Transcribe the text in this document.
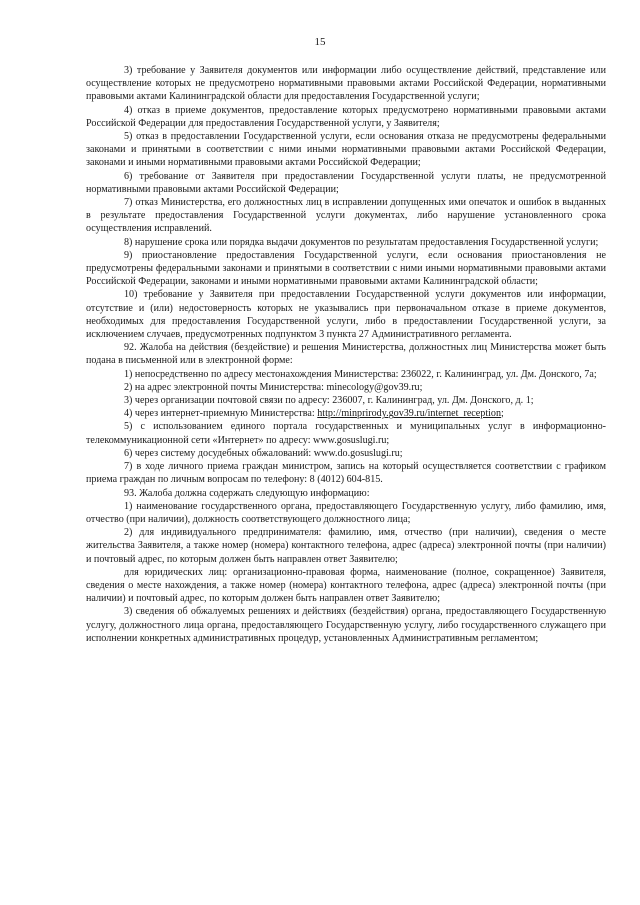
15

3) требование у Заявителя документов или информации либо осуществление действий, представление или осуществление которых не предусмотрено нормативными правовыми актами Российской Федерации, нормативными правовыми актами Калининградской области для предоставления Государственной услуги;

4) отказ в приеме документов, предоставление которых предусмотрено нормативными правовыми актами Российской Федерации для предоставления Государственной услуги, у Заявителя;

5) отказ в предоставлении Государственной услуги, если основания отказа не предусмотрены федеральными законами и принятыми в соответствии с ними иными нормативными правовыми актами Российской Федерации, законами и иными нормативными правовыми актами Российской Федерации;

6) требование от Заявителя при предоставлении Государственной услуги платы, не предусмотренной нормативными правовыми актами Российской Федерации;

7) отказ Министерства, его должностных лиц в исправлении допущенных ими опечаток и ошибок в выданных в результате предоставления Государственной услуги документах, либо нарушение установленного срока осуществления исправлений.

8) нарушение срока или порядка выдачи документов по результатам предоставления Государственной услуги;

9) приостановление предоставления Государственной услуги, если основания приостановления не предусмотрены федеральными законами и принятыми в соответствии с ними иными нормативными правовыми актами Российской Федерации, законами и иными нормативными правовыми актами Калининградской области;

10) требование у Заявителя при предоставлении Государственной услуги документов или информации, отсутствие и (или) недостоверность которых не указывались при первоначальном отказе в приеме документов, необходимых для предоставления Государственной услуги, либо в предоставлении Государственной услуги, за исключением случаев, предусмотренных подпунктом 3 пункта 27 Административного регламента.

92. Жалоба на действия (бездействие) и решения Министерства, должностных лиц Министерства может быть подана в письменной или в электронной форме:

1) непосредственно по адресу местонахождения Министерства: 236022, г. Калининград, ул. Дм. Донского, 7а;

2) на адрес электронной почты Министерства: minecology@gov39.ru;

3) через организации почтовой связи по адресу: 236007, г. Калининград, ул. Дм. Донского, д. 1;

4) через интернет-приемную Министерства: http://minprirody.gov39.ru/internet_reception;

5) с использованием единого портала государственных и муниципальных услуг в информационно-телекоммуникационной сети «Интернет» по адресу: www.gosuslugi.ru;

6) через систему досудебных обжалований: www.do.gosuslugi.ru;

7) в ходе личного приема граждан министром, запись на который осуществляется соответствии с графиком приема граждан по личным вопросам по телефону: 8 (4012) 604-815.

93. Жалоба должна содержать следующую информацию:

1) наименование государственного органа, предоставляющего Государственную услугу, либо фамилию, имя, отчество (при наличии), должность соответствующего должностного лица;

2) для индивидуального предпринимателя: фамилию, имя, отчество (при наличии), сведения о месте жительства Заявителя, а также номер (номера) контактного телефона, адрес (адреса) электронной почты (при наличии) и почтовый адрес, по которым должен быть направлен ответ Заявителю;

для юридических лиц: организационно-правовая форма, наименование (полное, сокращенное) Заявителя, сведения о месте нахождения, а также номер (номера) контактного телефона, адрес (адреса) электронной почты (при наличии) и почтовый адрес, по которым должен быть направлен ответ Заявителю;

3) сведения об обжалуемых решениях и действиях (бездействия) органа, предоставляющего Государственную услугу, должностного лица органа, предоставляющего Государственную услугу, либо государственного служащего при исполнении конкретных административных процедур, установленных Административным регламентом;
